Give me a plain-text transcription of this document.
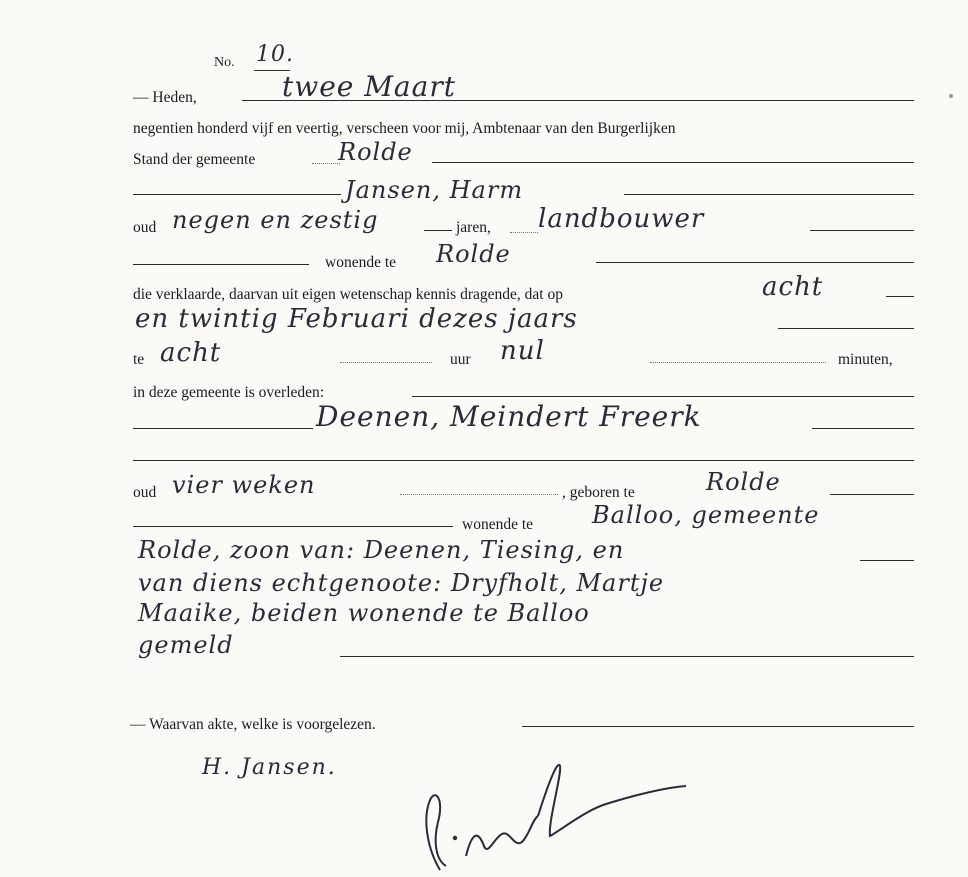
No. 10.
— Heden,	twee Maart
negentien honderd vijf en veertig, verscheen voor mij, Ambtenaar van den Burgerlijken
Stand der gemeente	Rolde
Jansen, Harm
oud negen en zestig	jaren, landbouwer
wonende te Rolde
die verklaarde, daarvan uit eigen wetenschap kennis dragende, dat op	acht
en twintig Februari dezes jaars
te acht	uur nul	minuten,
in deze gemeente is overleden:
Deenen, Meindert Freerk
oud vier weken	, geboren te	Rolde
wonende te Balloo, gemeente
Rolde, zoon van: Deenen, Tiesing, en
van diens echtgenoote: Dryfholt, Martje
Maaike, beiden wonende te Balloo
gemeld
— Waarvan akte, welke is voorgelezen.
H. Jansen.
